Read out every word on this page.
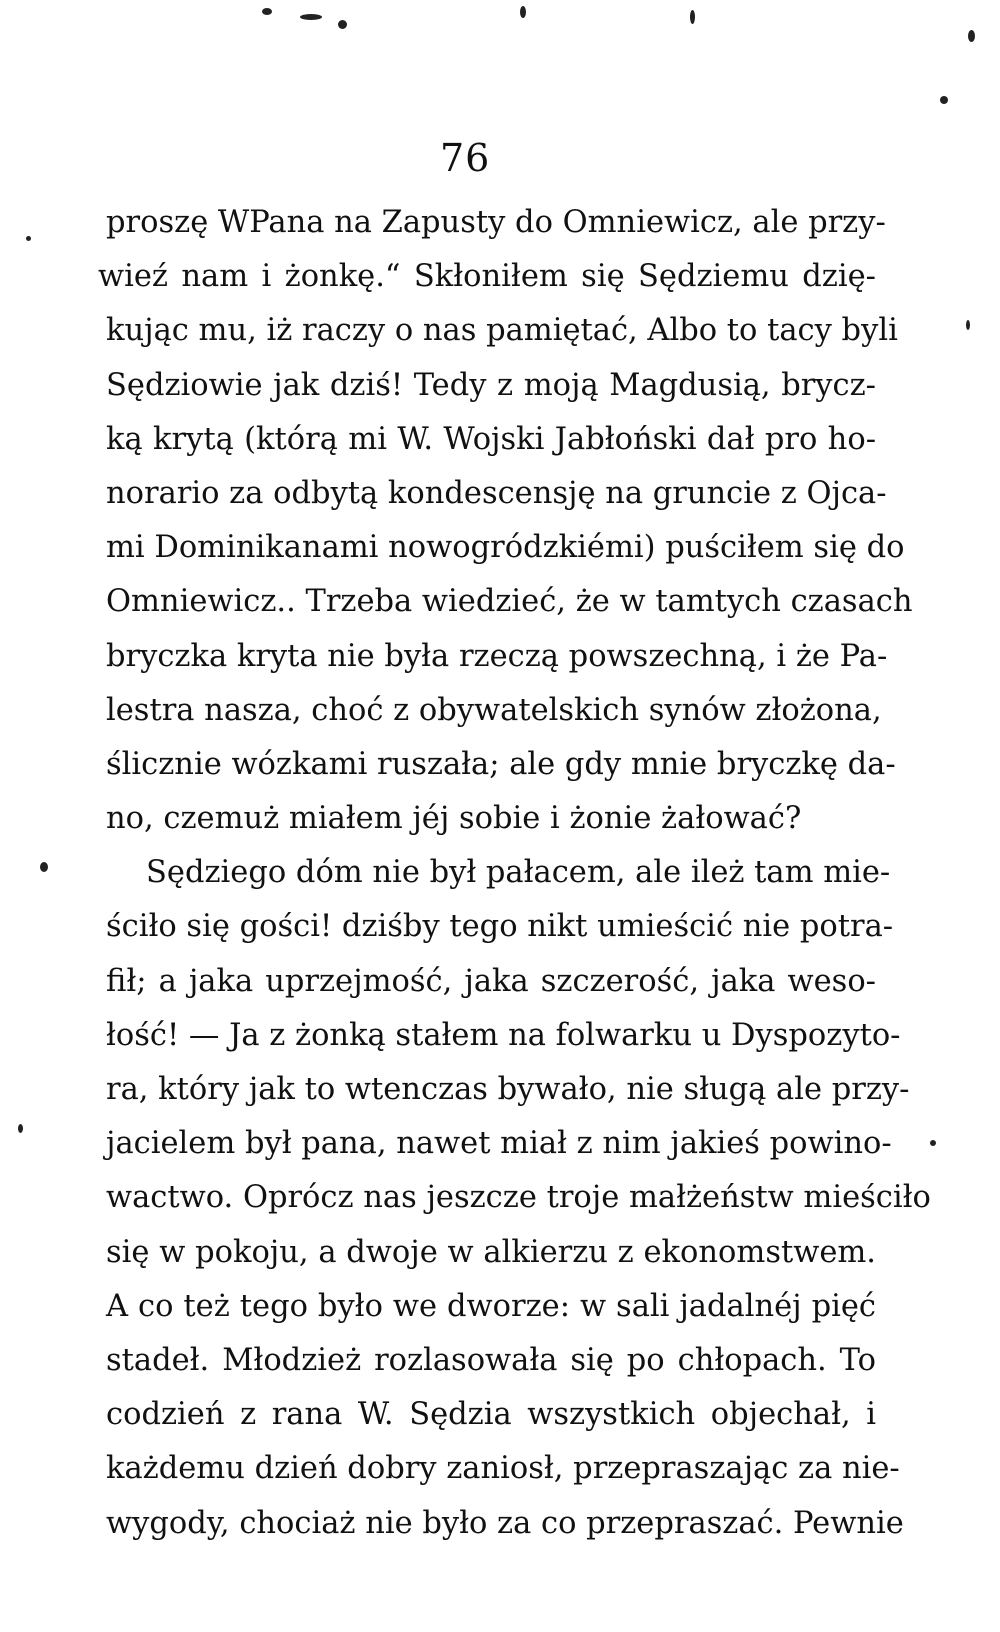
76
proszę WPana na Zapusty do Omniewicz, ale przy-
wieź nam i żonkę.“ Skłoniłem się Sędziemu dzię-
kując mu, iż raczy o nas pamiętać, Albo to tacy byli
Sędziowie jak dziś! Tedy z moją Magdusią, brycz-
ką krytą (którą mi W. Wojski Jabłoński dał pro ho-
norario za odbytą kondescensję na gruncie z Ojca-
mi Dominikanami nowogródzkiémi) puściłem się do
Omniewicz.. Trzeba wiedzieć, że w tamtych czasach
bryczka kryta nie była rzeczą powszechną, i że Pa-
lestra nasza, choć z obywatelskich synów złożona,
ślicznie wózkami ruszała; ale gdy mnie bryczkę da-
no, czemuż miałem jéj sobie i żonie żałować?
Sędziego dóm nie był pałacem, ale ileż tam mie-
ściło się gości! dziśby tego nikt umieścić nie potra-
fił; a jaka uprzejmość, jaka szczerość, jaka weso-
łość! — Ja z żonką stałem na folwarku u Dyspozyto-
ra, który jak to wtenczas bywało, nie sługą ale przy-
jacielem był pana, nawet miał z nim jakieś powino-
wactwo. Oprócz nas jeszcze troje małżeństw mieściło
się w pokoju, a dwoje w alkierzu z ekonomstwem.
A co też tego było we dworze: w sali jadalnéj pięć
stadeł. Młodzież rozlasowała się po chłopach. To
codzień z rana W. Sędzia wszystkich objechał, i
każdemu dzień dobry zaniosł, przepraszając za nie-
wygody, chociaż nie było za co przepraszać. Pewnie
